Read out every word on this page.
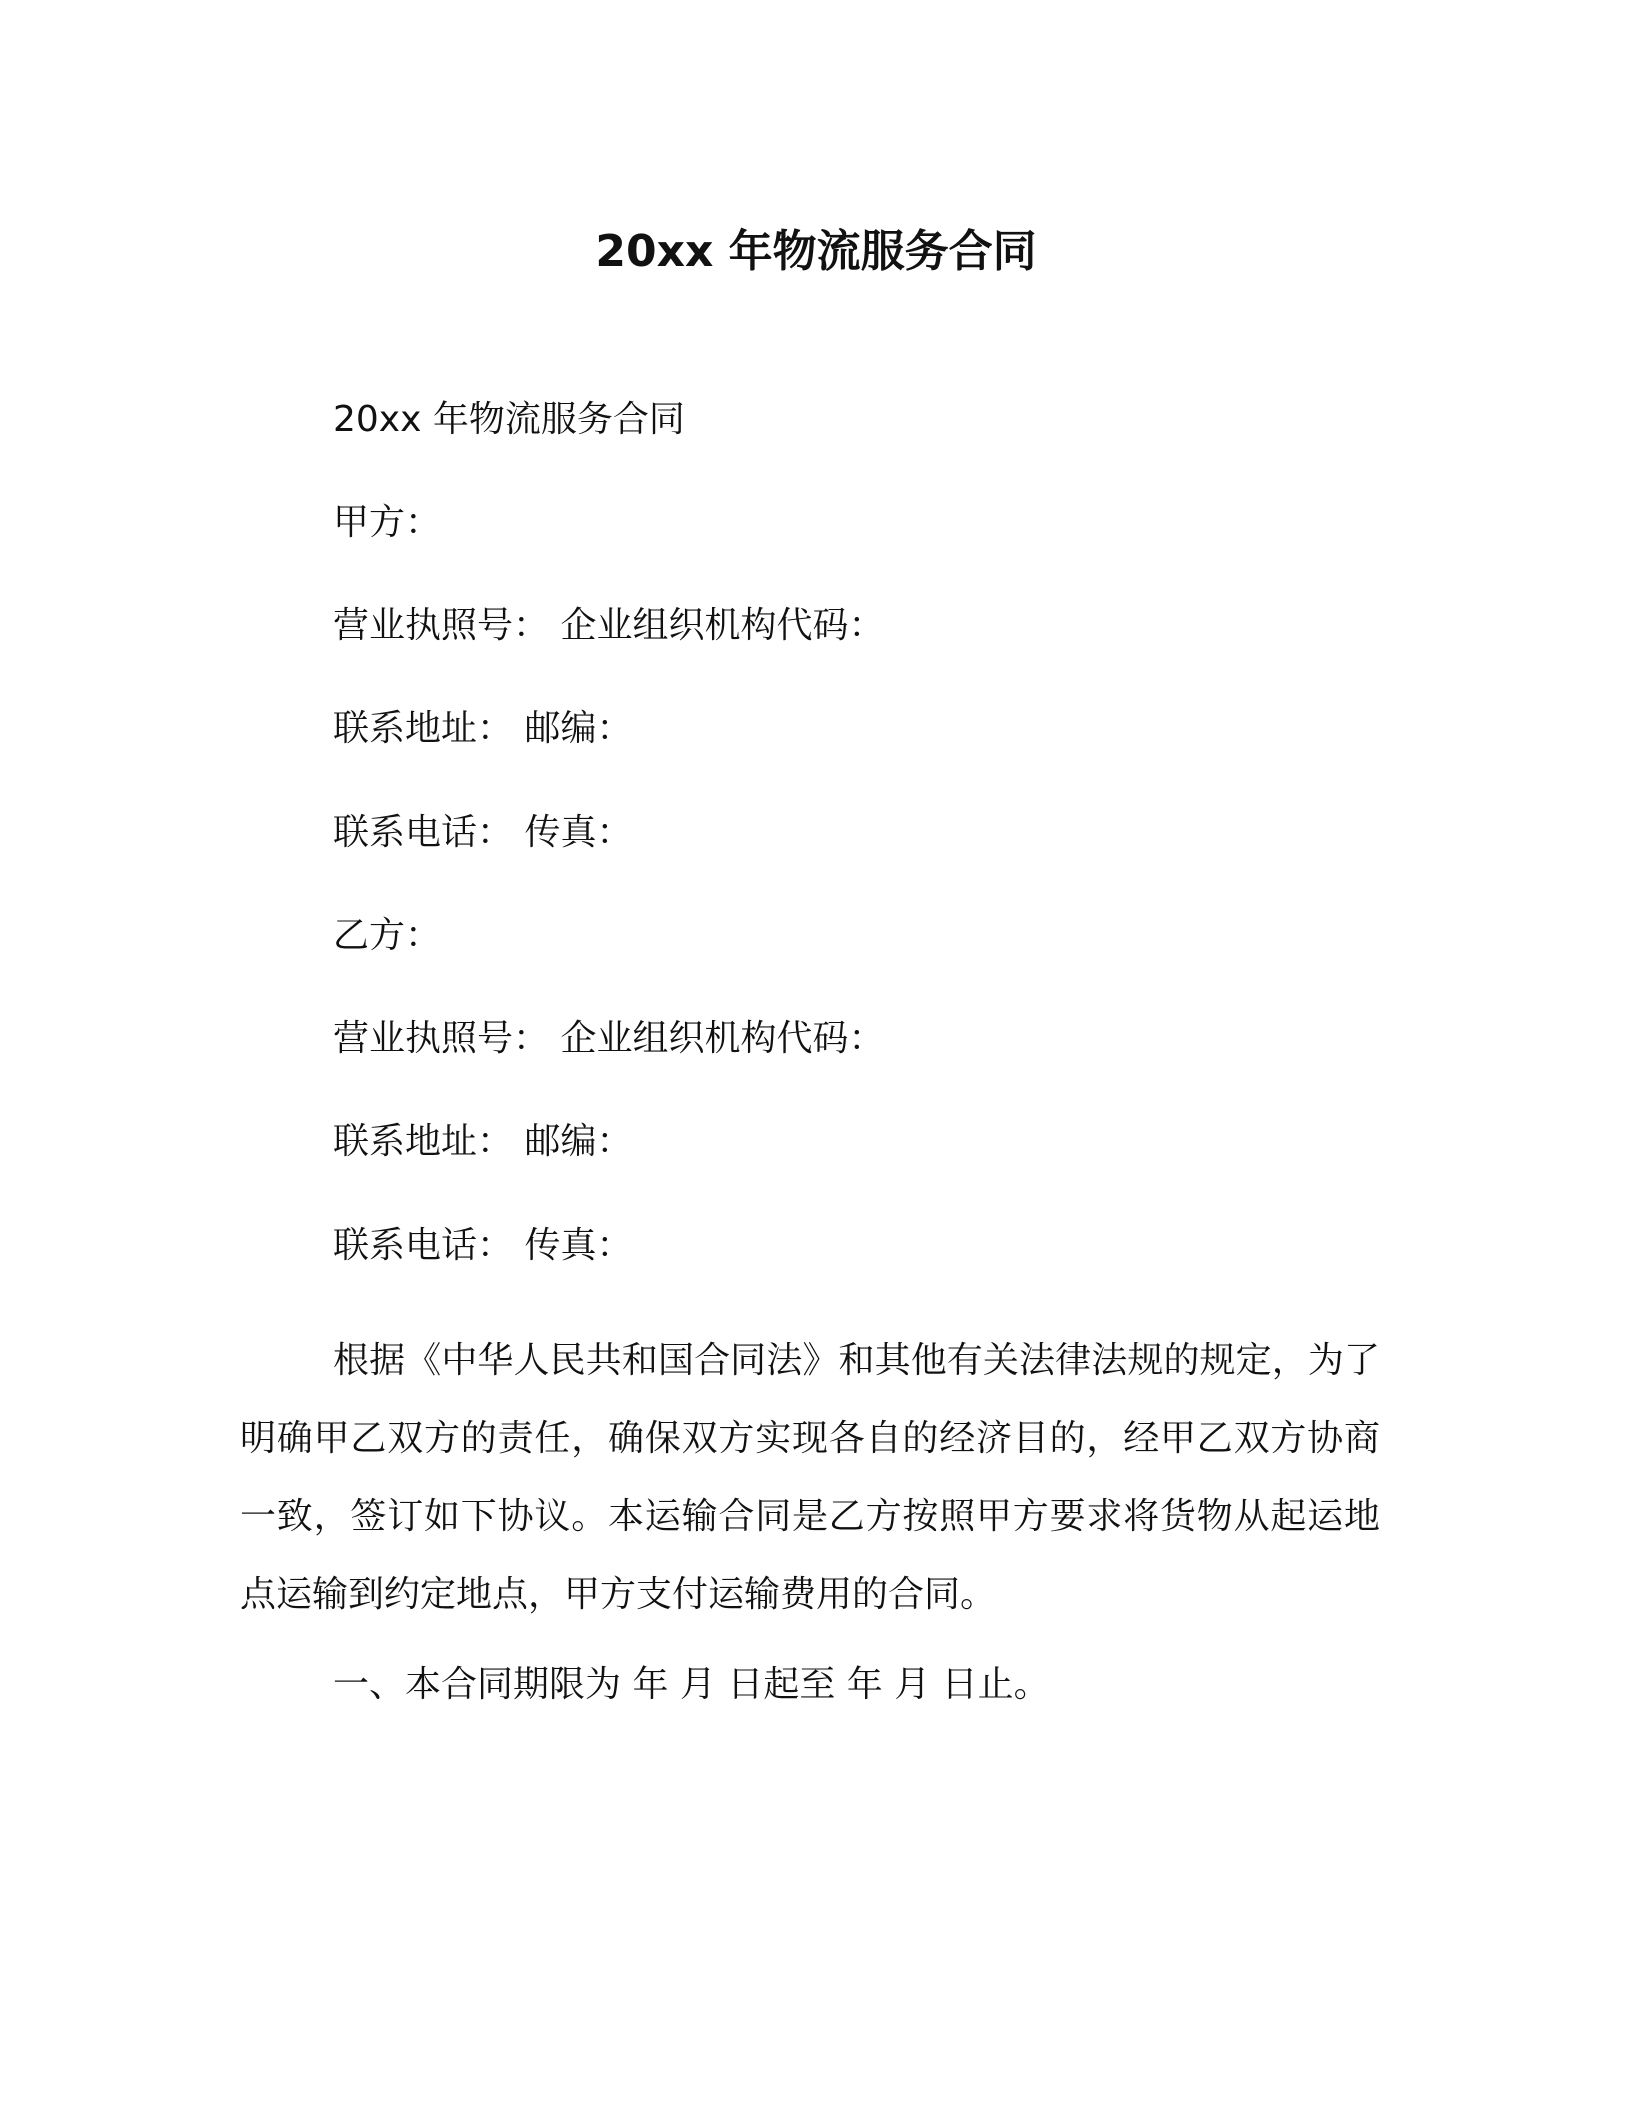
20xx 年物流服务合同
20xx 年物流服务合同
甲方：
营业执照号： 企业组织机构代码：
联系地址： 邮编：
联系电话： 传真：
乙方：
营业执照号： 企业组织机构代码：
联系地址： 邮编：
联系电话： 传真：
根据《中华人民共和国合同法》和其他有关法律法规的规定，为了明确甲乙双方的责任，确保双方实现各自的经济目的，经甲乙双方协商一致，签订如下协议。本运输合同是乙方按照甲方要求将货物从起运地点运输到约定地点，甲方支付运输费用的合同。
一、本合同期限为 年 月 日起至 年 月 日止。
